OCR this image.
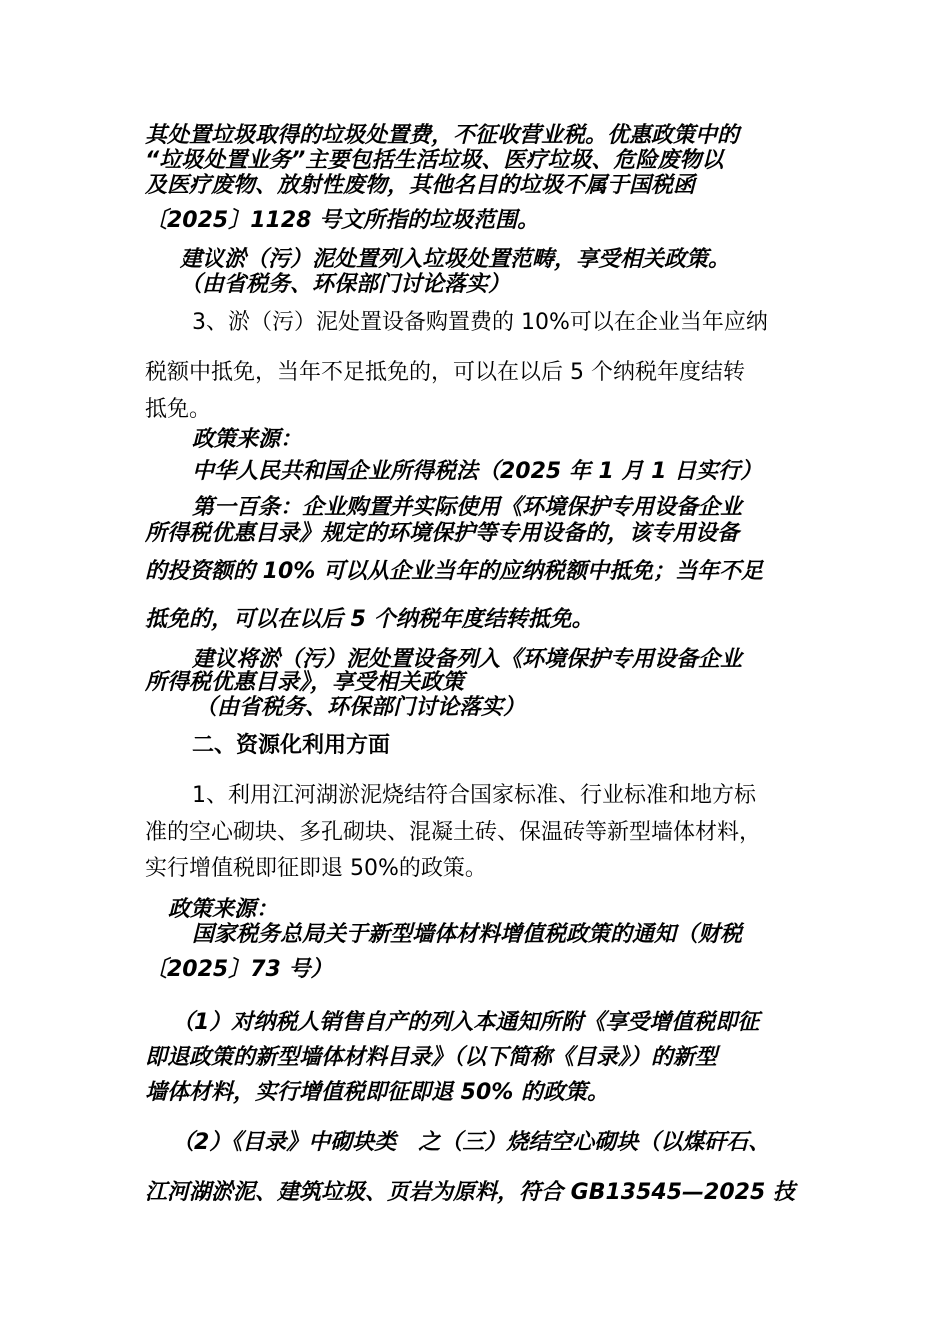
其处置垃圾取得的垃圾处置费，不征收营业税。优惠政策中的
“垃圾处置业务”主要包括生活垃圾、医疗垃圾、危险废物以
及医疗废物、放射性废物，其他名目的垃圾不属于国税函
〔2025〕1128 号文所指的垃圾范围。
建议淤（污）泥处置列入垃圾处置范畴，享受相关政策。
（由省税务、环保部门讨论落实）
3、淤（污）泥处置设备购置费的 10%可以在企业当年应纳
税额中抵免，当年不足抵免的，可以在以后 5 个纳税年度结转
抵免。
政策来源：
中华人民共和国企业所得税法（2025 年 1 月 1 日实行）
第一百条：企业购置并实际使用《环境保护专用设备企业
所得税优惠目录》规定的环境保护等专用设备的，该专用设备
的投资额的 10% 可以从企业当年的应纳税额中抵免；当年不足
抵免的，可以在以后 5 个纳税年度结转抵免。
建议将淤（污）泥处置设备列入《环境保护专用设备企业
所得税优惠目录》，享受相关政策
（由省税务、环保部门讨论落实）
二、资源化利用方面
1、利用江河湖淤泥烧结符合国家标准、行业标准和地方标
准的空心砌块、多孔砌块、混凝土砖、保温砖等新型墙体材料，
实行增值税即征即退 50%的政策。
政策来源：
国家税务总局关于新型墙体材料增值税政策的通知（财税
〔2025〕73 号）
（1）对纳税人销售自产的列入本通知所附《享受增值税即征
即退政策的新型墙体材料目录》（以下简称《目录》）的新型
墙体材料，实行增值税即征即退 50% 的政策。
（2）《目录》中砌块类　之（三）烧结空心砌块（以煤矸石、
江河湖淤泥、建筑垃圾、页岩为原料，符合 GB13545—2025 技
